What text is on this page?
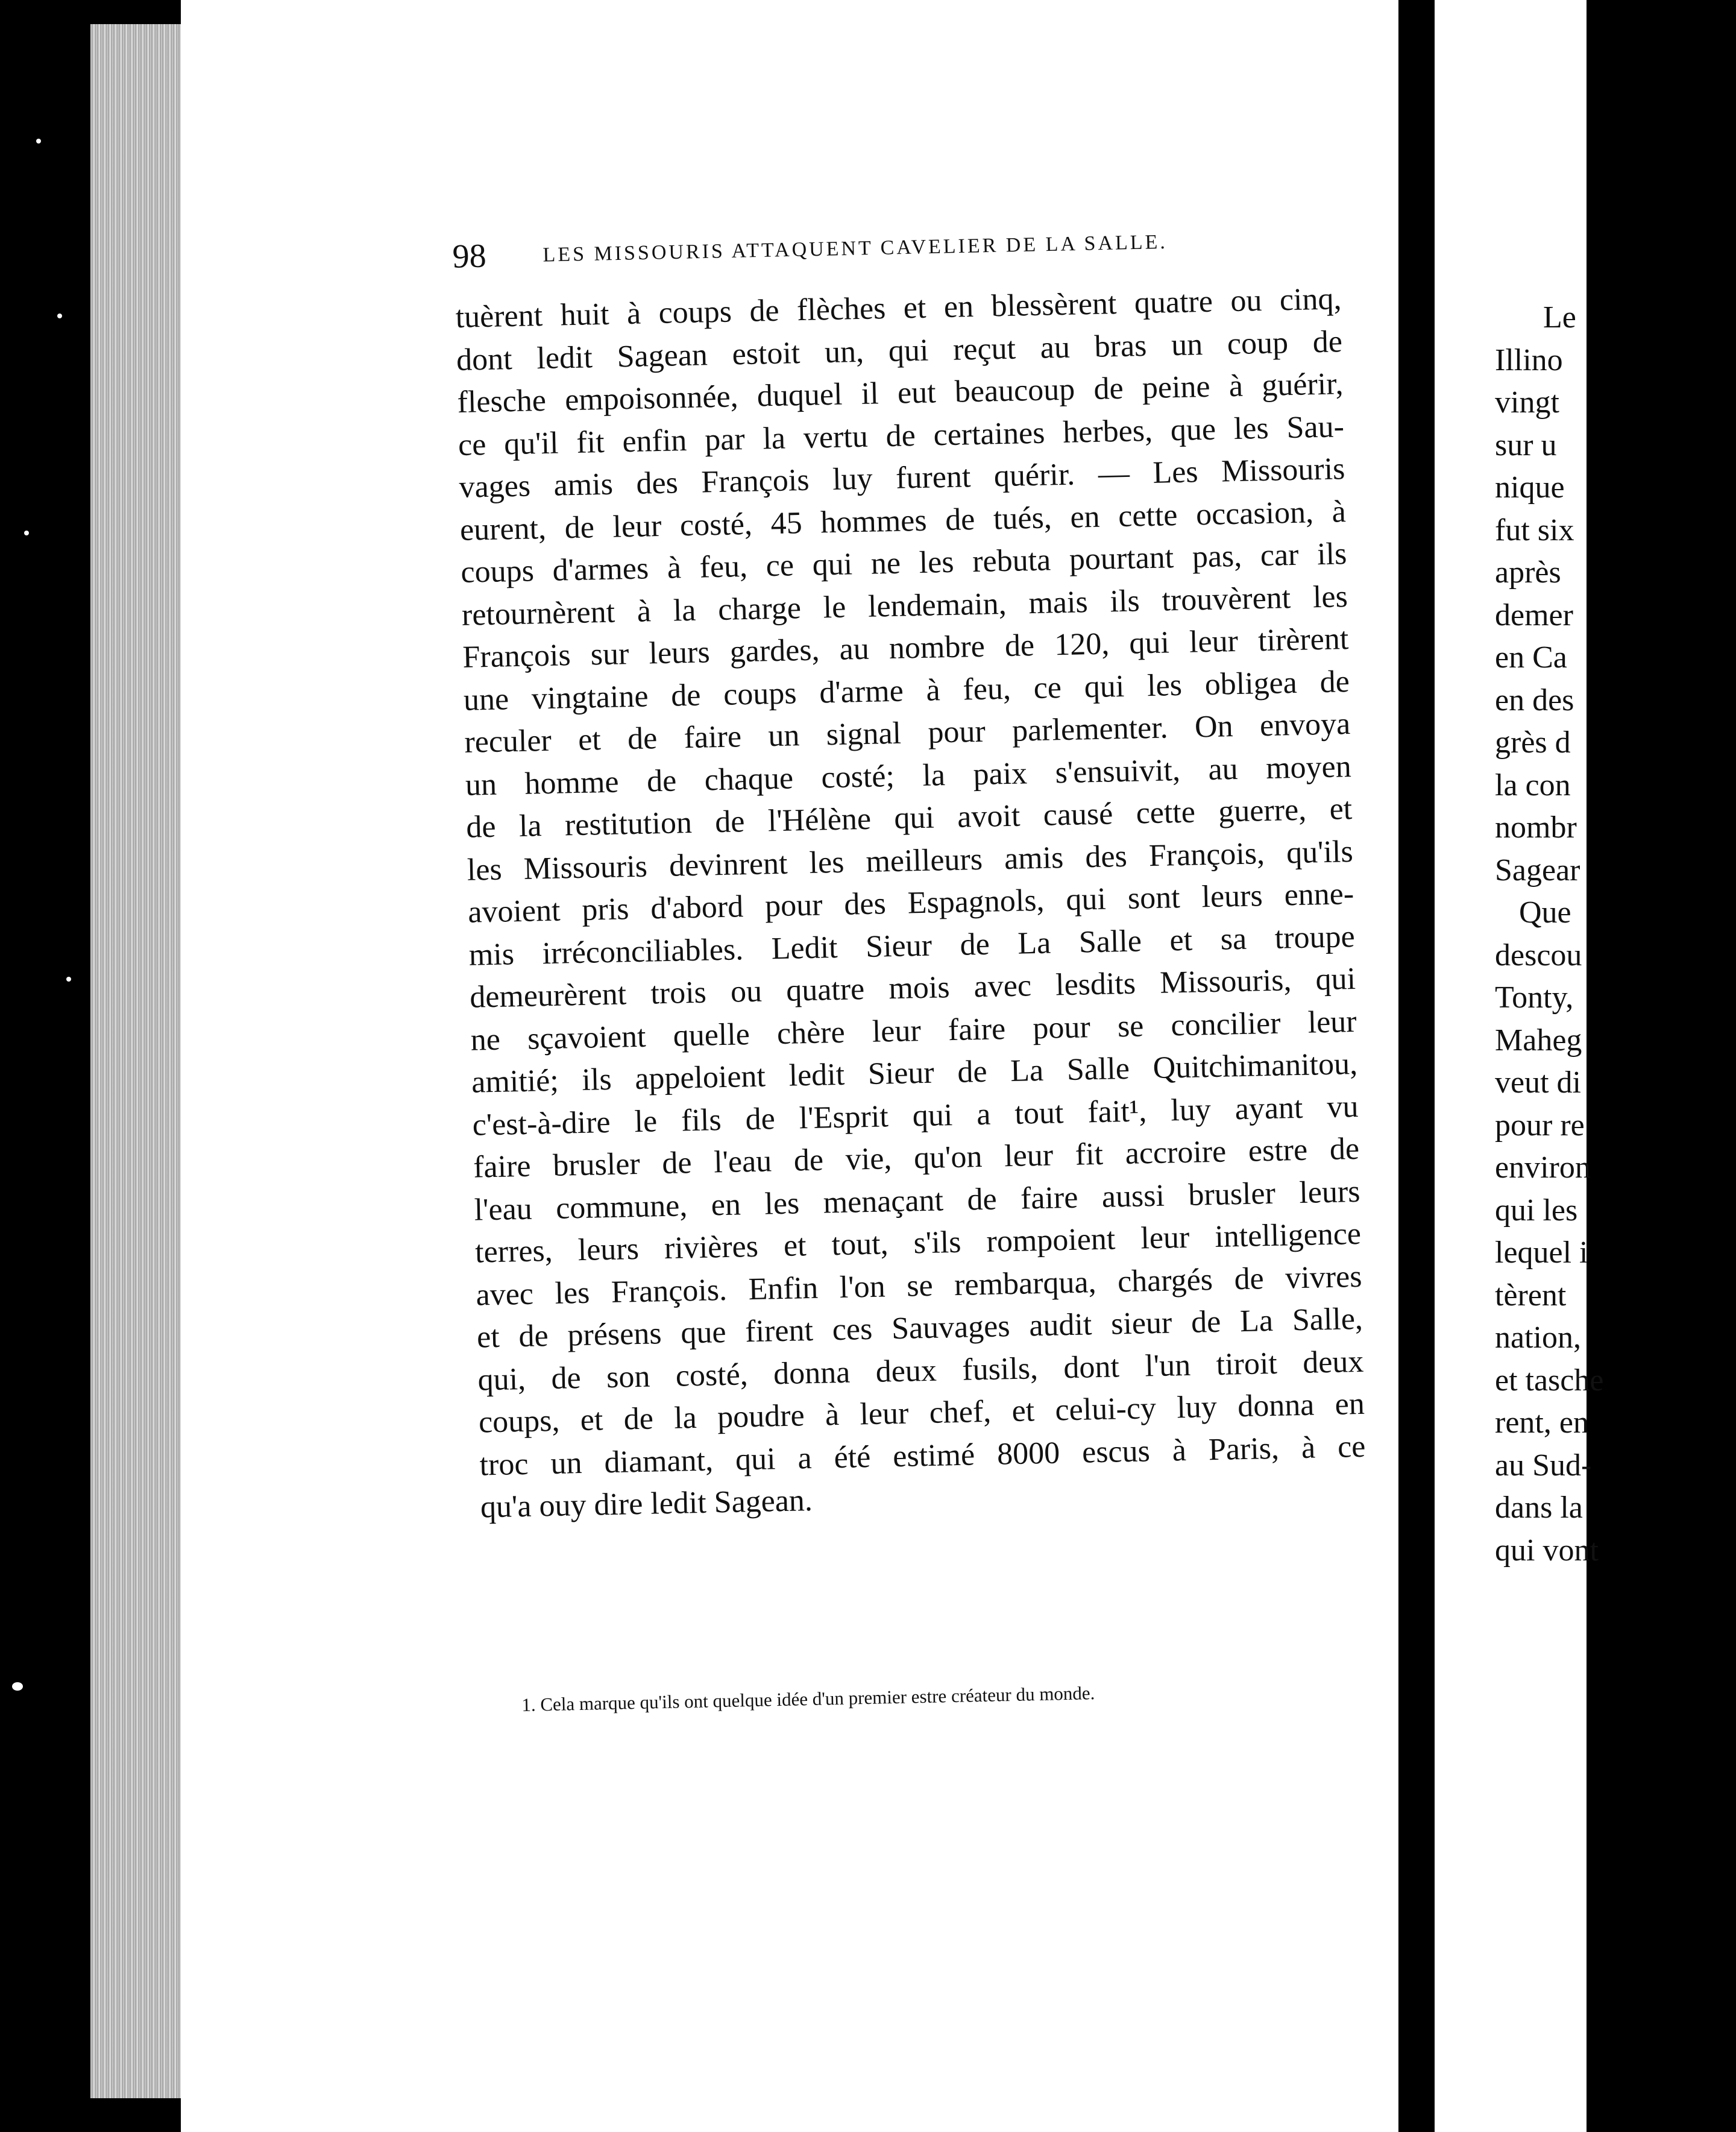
98	LES MISSOURIS ATTAQUENT CAVELIER DE LA SALLE.
tuèrent huit à coups de flèches et en blessèrent quatre ou cinq,
dont ledit Sagean estoit un, qui reçut au bras un coup de
flesche empoisonnée, duquel il eut beaucoup de peine à guérir,
ce qu'il fit enfin par la vertu de certaines herbes, que les Sau-
vages amis des François luy furent quérir. — Les Missouris
eurent, de leur costé, 45 hommes de tués, en cette occasion, à
coups d'armes à feu, ce qui ne les rebuta pourtant pas, car ils
retournèrent à la charge le lendemain, mais ils trouvèrent les
François sur leurs gardes, au nombre de 120, qui leur tirèrent
une vingtaine de coups d'arme à feu, ce qui les obligea de
reculer et de faire un signal pour parlementer. On envoya
un homme de chaque costé; la paix s'ensuivit, au moyen
de la restitution de l'Hélène qui avoit causé cette guerre, et
les Missouris devinrent les meilleurs amis des François, qu'ils
avoient pris d'abord pour des Espagnols, qui sont leurs enne-
mis irréconciliables. Ledit Sieur de La Salle et sa troupe
demeurèrent trois ou quatre mois avec lesdits Missouris, qui
ne sçavoient quelle chère leur faire pour se concilier leur
amitié; ils appeloient ledit Sieur de La Salle Quitchimanitou,
c'est-à-dire le fils de l'Esprit qui a tout fait¹, luy ayant vu
faire brusler de l'eau de vie, qu'on leur fit accroire estre de
l'eau commune, en les menaçant de faire aussi brusler leurs
terres, leurs rivières et tout, s'ils rompoient leur intelligence
avec les François. Enfin l'on se rembarqua, chargés de vivres
et de présens que firent ces Sauvages audit sieur de La Salle,
qui, de son costé, donna deux fusils, dont l'un tiroit deux
coups, et de la poudre à leur chef, et celui-cy luy donna en
troc un diamant, qui a été estimé 8000 escus à Paris, à ce
qu'a ouy dire ledit Sagean.
1. Cela marque qu'ils ont quelque idée d'un premier estre créateur du monde.
Le
Illino
vingt
sur u
nique
fut six
après
demer
en Ca
en des
grès d
la con
nombr
Sagear
Que
descou
Tonty,
Maheg
veut di
pour re
environ
qui les
lequel i
tèrent
nation,
et tasche
rent, en
au Sud-
dans la
qui vont
